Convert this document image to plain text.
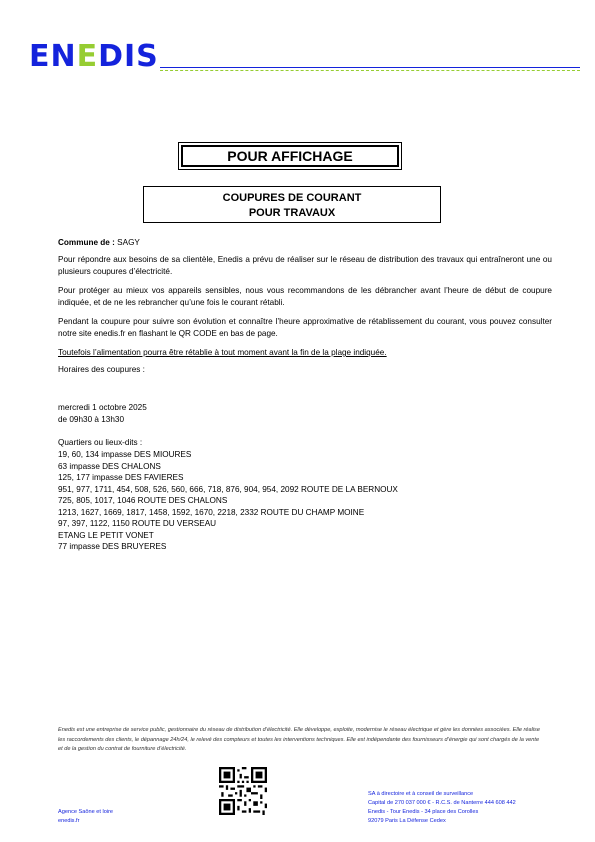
ENEDIS
POUR AFFICHAGE
COUPURES DE COURANT
POUR TRAVAUX
Commune de : SAGY
Pour répondre aux besoins de sa clientèle, Enedis a prévu de réaliser sur le réseau de distribution des travaux qui entraîneront une ou plusieurs coupures d’électricité.
Pour protéger au mieux vos appareils sensibles, nous vous recommandons de les débrancher avant l’heure de début de coupure indiquée, et de ne les rebrancher qu’une fois le courant rétabli.
Pendant la coupure pour suivre son évolution et connaître l’heure approximative de rétablissement du courant, vous pouvez consulter notre site enedis.fr en flashant le QR CODE en bas de page.
Toutefois l’alimentation pourra être rétablie à tout moment avant la fin de la plage indiquée.
Horaires des coupures :
mercredi 1 octobre 2025
de 09h30 à 13h30
Quartiers ou lieux-dits :
19, 60, 134 impasse DES MIOURES
63 impasse DES CHALONS
125, 177 impasse DES FAVIERES
951, 977, 1711, 454, 508, 526, 560, 666, 718, 876, 904, 954, 2092 ROUTE DE LA BERNOUX
725, 805, 1017, 1046 ROUTE DES CHALONS
1213, 1627, 1669, 1817, 1458, 1592, 1670, 2218, 2332 ROUTE DU CHAMP MOINE
97, 397, 1122, 1150 ROUTE DU VERSEAU
ETANG LE PETIT VONET
77 impasse DES BRUYERES
Enedis est une entreprise de service public, gestionnaire du réseau de distribution d’électricité. Elle développe, exploite, modernise le réseau électrique et gère les données associées. Elle réalise les raccordements des clients, le dépannage 24h/24, le relevé des compteurs et toutes les interventions techniques. Elle est indépendante des fournisseurs d’énergie qui sont chargés de la vente et de la gestion du contrat de fourniture d’électricité.
Agence Saône et loire
enedis.fr
SA à directoire et à conseil de surveillance
Capital de 270 037 000 € - R.C.S. de Nanterre 444 608 442
Enedis - Tour Enedis - 34 place des Corolles
92079 Paris La Défense Cedex
